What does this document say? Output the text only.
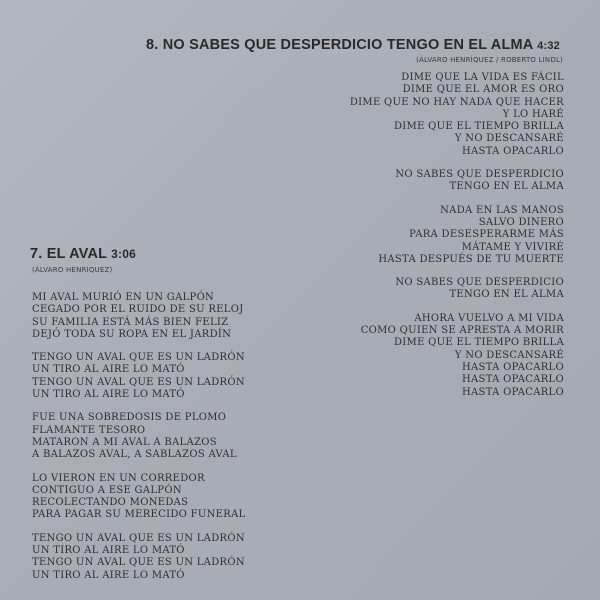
8. NO SABES QUE DESPERDICIO TENGO EN EL ALMA 4:32

(ÁLVARO HENRÍQUEZ / ROBERTO LINDL)

DIME QUE LA VIDA ES FÁCIL
DIME QUE EL AMOR ES ORO
DIME QUE NO HAY NADA QUE HACER
Y LO HARÉ
DIME QUE EL TIEMPO BRILLA
Y NO DESCANSARÉ
HASTA OPACARLO
NO SABES QUE DESPERDICIO
TENGO EN EL ALMA
NADA EN LAS MANOS
SALVO DINERO
PARA DESESPERARME MÁS
MÁTAME Y VIVIRÉ
HASTA DESPUÉS DE TU MUERTE
NO SABES QUE DESPERDICIO
TENGO EN EL ALMA
AHORA VUELVO A MI VIDA
COMO QUIEN SE APRESTA A MORIR
DIME QUE EL TIEMPO BRILLA
Y NO DESCANSARÉ
HASTA OPACARLO
HASTA OPACARLO
HASTA OPACARLO
7. EL AVAL 3:06

(ÁLVARO HENRÍQUEZ)

MI AVAL MURIÓ EN UN GALPÓN
CEGADO POR EL RUIDO DE SU RELOJ
SU FAMILIA ESTÁ MÁS BIEN FELIZ
DEJÓ TODA SU ROPA EN EL JARDÍN
TENGO UN AVAL QUE ES UN LADRÓN
UN TIRO AL AIRE LO MATÓ
TENGO UN AVAL QUE ES UN LADRÓN
UN TIRO AL AIRE LO MATÓ
FUE UNA SOBREDOSIS DE PLOMO
FLAMANTE TESORO
MATARON A MI AVAL A BALAZOS
A BALAZOS AVAL, A SABLAZOS AVAL
LO VIERON EN UN CORREDOR
CONTIGUO A ESE GALPÓN
RECOLECTANDO MONEDAS
PARA PAGAR SU MERECIDO FUNERAL
TENGO UN AVAL QUE ES UN LADRÓN
UN TIRO AL AIRE LO MATÓ
TENGO UN AVAL QUE ES UN LADRÓN
UN TIRO AL AIRE LO MATÓ
